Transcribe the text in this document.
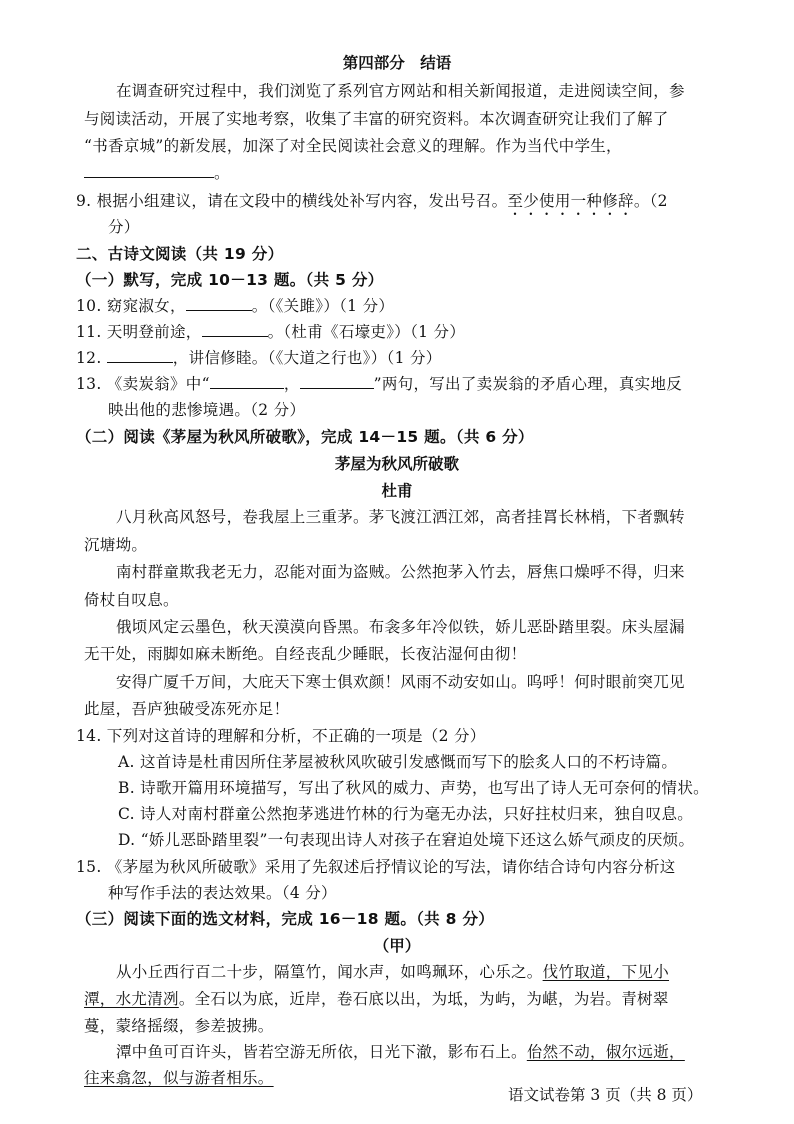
第四部分　结语
在调查研究过程中，我们浏览了系列官方网站和相关新闻报道，走进阅读空间，参
与阅读活动，开展了实地考察，收集了丰富的研究资料。本次调查研究让我们了解了
“书香京城”的新发展，加深了对全民阅读社会意义的理解。作为当代中学生，
。
9. 根据小组建议，请在文段中的横线处补写内容，发出号召。至少使用一种修辞。（2
分）
二、古诗文阅读（共 19 分）
（一）默写，完成 10－13 题。（共 5 分）
10. 窈窕淑女，	。（《关雎》）（1 分）
11. 天明登前途，	。（杜甫《石壕吏》）（1 分）
12.	，讲信修睦。（《大道之行也》）（1 分）
13. 《卖炭翁》中“	，	”两句，写出了卖炭翁的矛盾心理，真实地反
映出他的悲惨境遇。（2 分）
（二）阅读《茅屋为秋风所破歌》，完成 14－15 题。（共 6 分）
茅屋为秋风所破歌
杜甫
八月秋高风怒号，卷我屋上三重茅。茅飞渡江洒江郊，高者挂罥长林梢，下者飘转
沉塘坳。
南村群童欺我老无力，忍能对面为盗贼。公然抱茅入竹去，唇焦口燥呼不得，归来
倚杖自叹息。
俄顷风定云墨色，秋天漠漠向昏黑。布衾多年冷似铁，娇儿恶卧踏里裂。床头屋漏
无干处，雨脚如麻未断绝。自经丧乱少睡眠，长夜沾湿何由彻！
安得广厦千万间，大庇天下寒士俱欢颜！风雨不动安如山。呜呼！何时眼前突兀见
此屋，吾庐独破受冻死亦足！
14. 下列对这首诗的理解和分析，不正确的一项是（2 分）
A. 这首诗是杜甫因所住茅屋被秋风吹破引发感慨而写下的脍炙人口的不朽诗篇。
B. 诗歌开篇用环境描写，写出了秋风的威力、声势，也写出了诗人无可奈何的情状。
C. 诗人对南村群童公然抱茅逃进竹林的行为毫无办法，只好拄杖归来，独自叹息。
D. “娇儿恶卧踏里裂”一句表现出诗人对孩子在窘迫处境下还这么娇气顽皮的厌烦。
15. 《茅屋为秋风所破歌》采用了先叙述后抒情议论的写法，请你结合诗句内容分析这
种写作手法的表达效果。（4 分）
（三）阅读下面的选文材料，完成 16－18 题。（共 8 分）
（甲）
从小丘西行百二十步，隔篁竹，闻水声，如鸣珮环，心乐之。伐竹取道，下见小
潭，水尤清冽。全石以为底，近岸，卷石底以出，为坻，为屿，为嵁，为岩。青树翠
蔓，蒙络摇缀，参差披拂。
潭中鱼可百许头，皆若空游无所依，日光下澈，影布石上。佁然不动，俶尔远逝，
往来翕忽，似与游者相乐。
语文试卷第 3 页（共 8 页）
